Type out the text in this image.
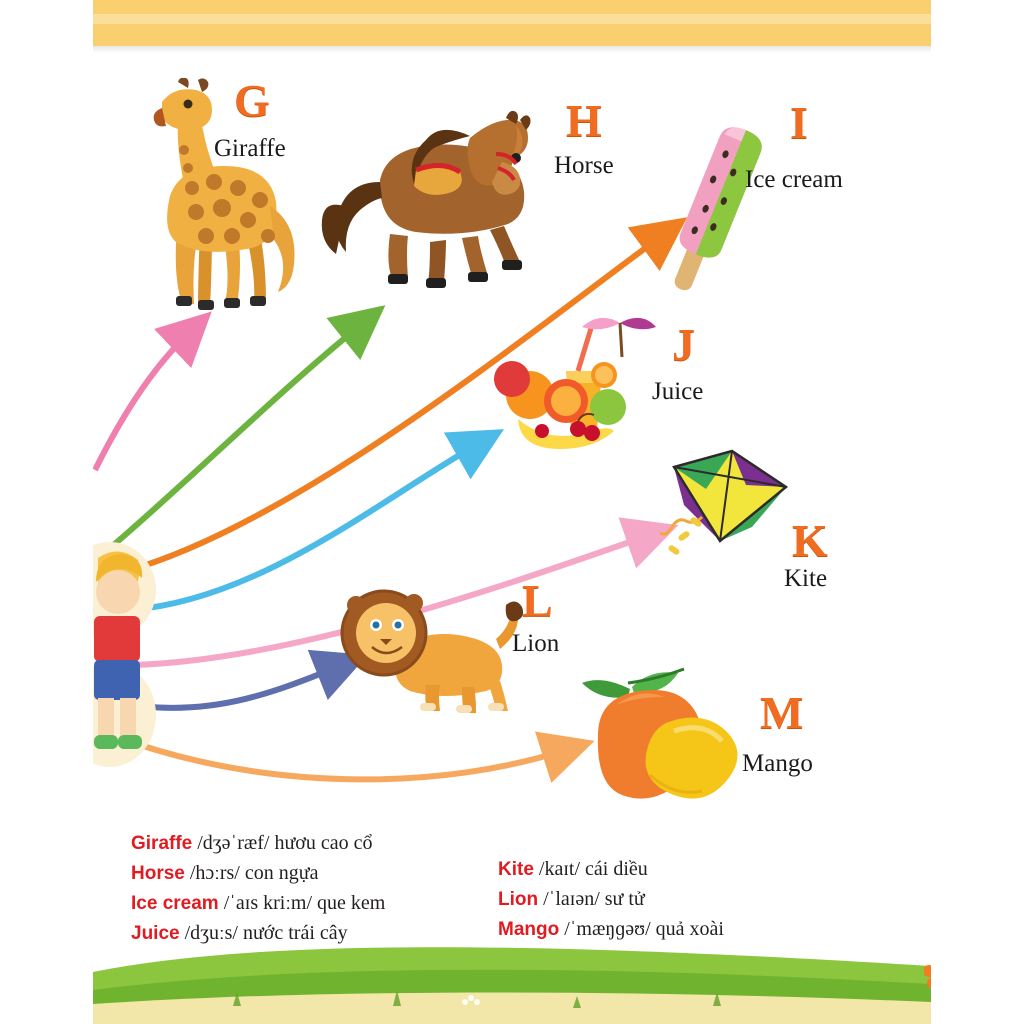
G
Giraffe
H
Horse
I
Ice cream
J
Juice
K
Kite
L
Lion
M
Mango
Giraffe /dʒəˈræf/ hươu cao cổ
Horse /hɔːrs/ con ngựa
Ice cream /ˈaɪs kriːm/ que kem
Juice /dʒuːs/ nước trái cây
Kite /kaɪt/ cái diều
Lion /ˈlaɪən/ sư tử
Mango /ˈmæŋɡəʊ/ quả xoài
